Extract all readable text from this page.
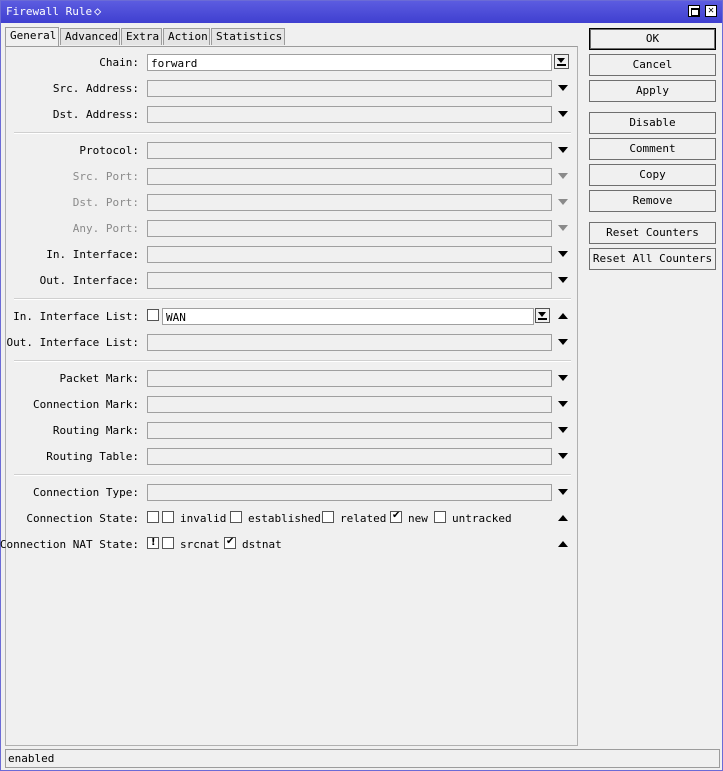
Firewall Rule ◇	✕
General Advanced Extra Action Statistics
Chain: forward
Src. Address:
Dst. Address:
Protocol:
Src. Port:
Dst. Port:
Any. Port:
In. Interface:
Out. Interface:
In. Interface List: WAN
Out. Interface List:
Packet Mark:
Connection Mark:
Routing Mark:
Routing Table:
Connection Type:
Connection State:	invalid established related ✔ new untracked
Connection NAT State: !	srcnat ✔ dstnat
OK
Cancel
Apply
Disable
Comment
Copy
Remove
Reset Counters
Reset All Counters
enabled
